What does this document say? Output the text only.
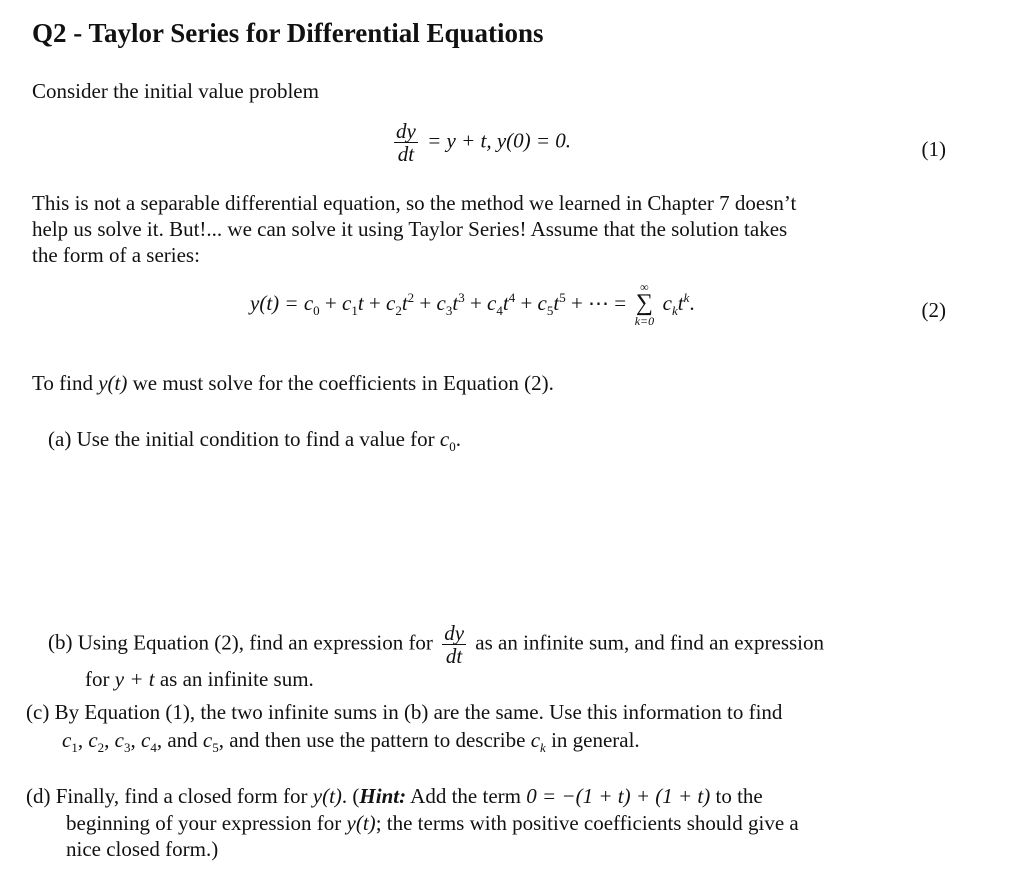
Q2 - Taylor Series for Differential Equations
Consider the initial value problem
$\frac{dy}{dt} = y + t$, y(0) = 0.	(1)
This is not a separable differential equation, so the method we learned in Chapter 7 doesn’t
help us solve it. But!... we can solve it using Taylor Series! Assume that the solution takes
the form of a series:
$y(t) = c_0 + c_1t + c_2t^2 + c_3t^3 + c_4t^4 + c_5t^5$ + ⋯ =
∞
∑
k=0
$c_kt^k$.	(2)
To find y(t) we must solve for the coefficients in Equation (2).
(a) Use the initial condition to find a value for $c_0$.
(b) Using Equation (2), find an expression for $\frac{dy}{dt}$ as an infinite sum, and find an expression
for y + t as an infinite sum.
(c) By Equation (1), the two infinite sums in (b) are the same. Use this information to find
$c_1$, $c_2$, $c_3$, $c_4$, and $c_5$, and then use the pattern to describe $c_k$ in general.
(d) Finally, find a closed form for y(t). (Hint: Add the term 0 = −(1 + t) + (1 + t) to the
beginning of your expression for y(t); the terms with positive coefficients should give a
nice closed form.)
